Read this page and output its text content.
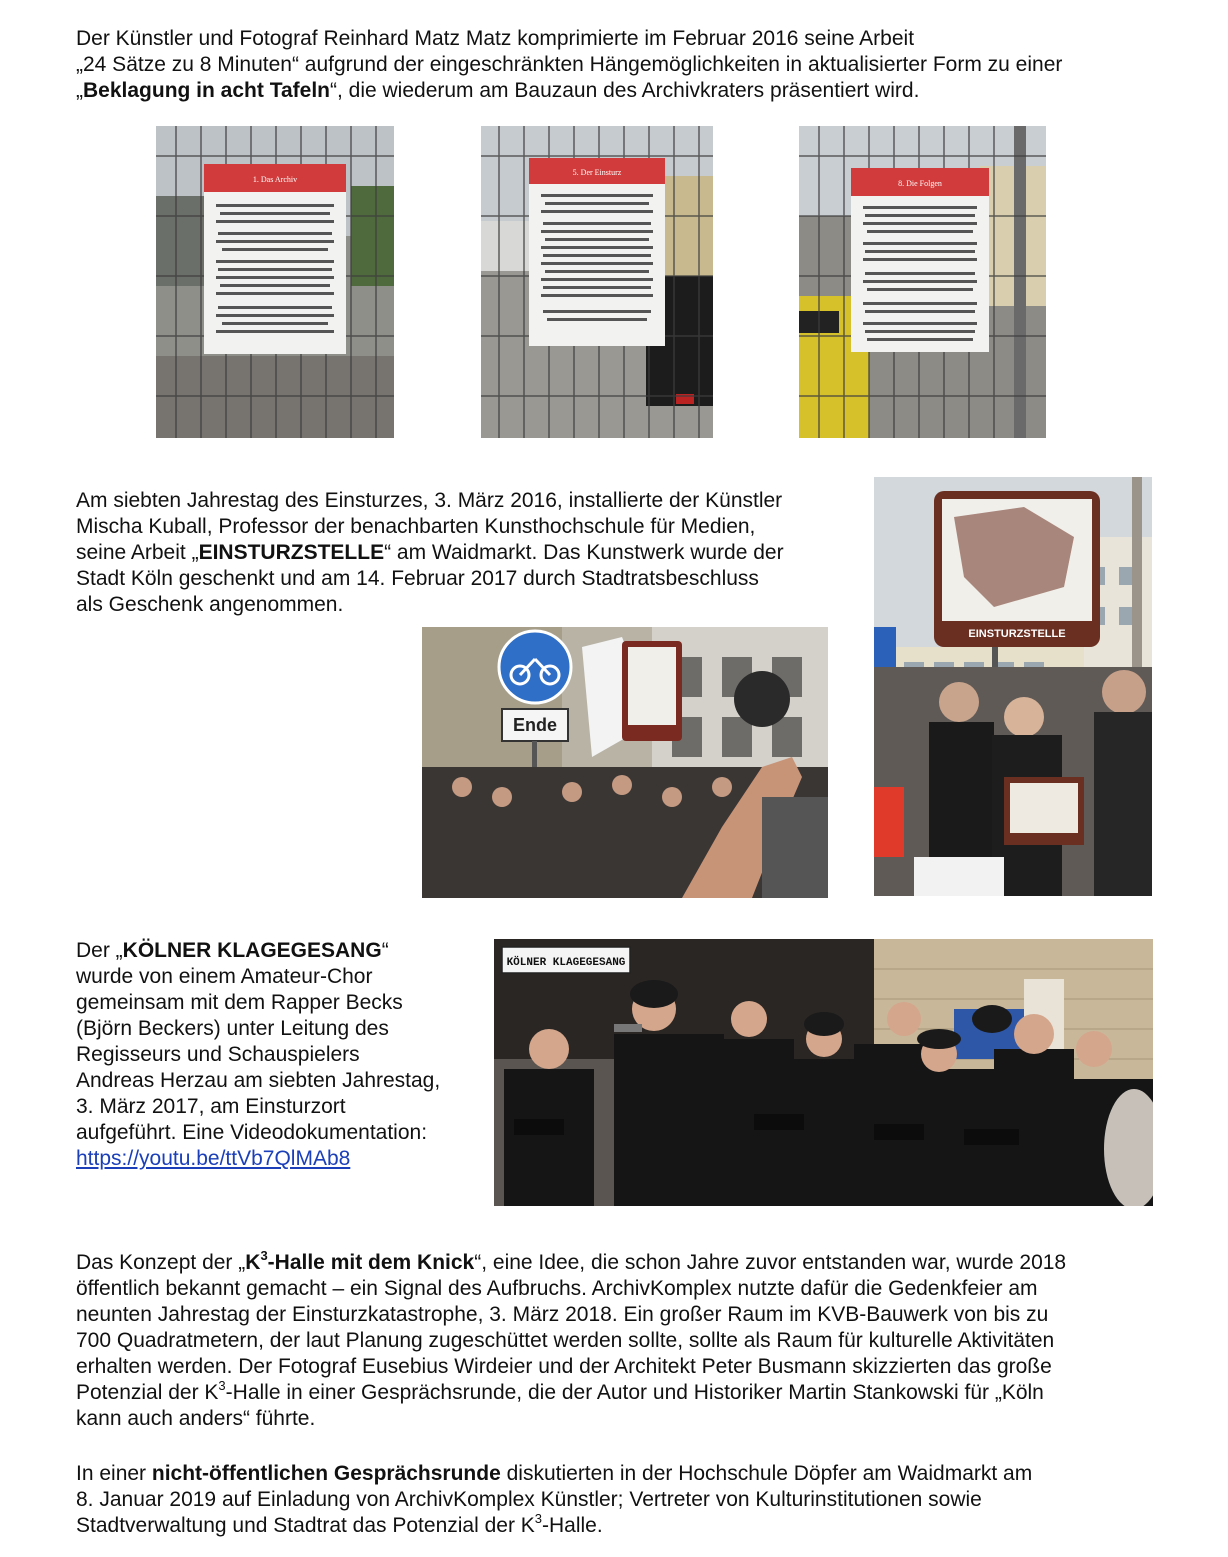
Der Künstler und Fotograf Reinhard Matz Matz komprimierte im Februar 2016 seine Arbeit
„24 Sätze zu 8 Minuten“ aufgrund der eingeschränkten Hängemöglichkeiten in aktualisierter Form zu einer
„Beklagung in acht Tafeln“, die wiederum am Bauzaun des Archivkraters präsentiert wird.
1. Das Archiv
5. Der Einsturz
8. Die Folgen
Am siebten Jahrestag des Einsturzes, 3. März 2016, installierte der Künstler
Mischa Kuball, Professor der benachbarten Kunsthochschule für Medien,
seine Arbeit „EINSTURZSTELLE“ am Waidmarkt. Das Kunstwerk wurde der
Stadt Köln geschenkt und am 14. Februar 2017 durch Stadtratsbeschluss
als Geschenk angenommen.
EINSTURZSTELLE
Ende
Der „KÖLNER KLAGEGESANG“
wurde von einem Amateur-Chor
gemeinsam mit dem Rapper Becks
(Björn Beckers) unter Leitung des
Regisseurs und Schauspielers
Andreas Herzau am siebten Jahrestag,
3. März 2017, am Einsturzort
aufgeführt. Eine Videodokumentation:
https://youtu.be/ttVb7QlMAb8
KÖLNER KLAGEGESANG
Das Konzept der $„K^3$-Halle mit dem Knick“, eine Idee, die schon Jahre zuvor entstanden war, wurde 2018
öffentlich bekannt gemacht – ein Signal des Aufbruchs. ArchivKomplex nutzte dafür die Gedenkfeier am
neunten Jahrestag der Einsturzkatastrophe, 3. März 2018. Ein großer Raum im KVB-Bauwerk von bis zu
700 Quadratmetern, der laut Planung zugeschüttet werden sollte, sollte als Raum für kulturelle Aktivitäten
erhalten werden. Der Fotograf Eusebius Wirdeier und der Architekt Peter Busmann skizzierten das große
Potenzial der $K^3$-Halle in einer Gesprächsrunde, die der Autor und Historiker Martin Stankowski für „Köln
kann auch anders“ führte.
In einer nicht-öffentlichen Gesprächsrunde diskutierten in der Hochschule Döpfer am Waidmarkt am
8. Januar 2019 auf Einladung von ArchivKomplex Künstler; Vertreter von Kulturinstitutionen sowie
Stadtverwaltung und Stadtrat das Potenzial der $K^3$-Halle.
